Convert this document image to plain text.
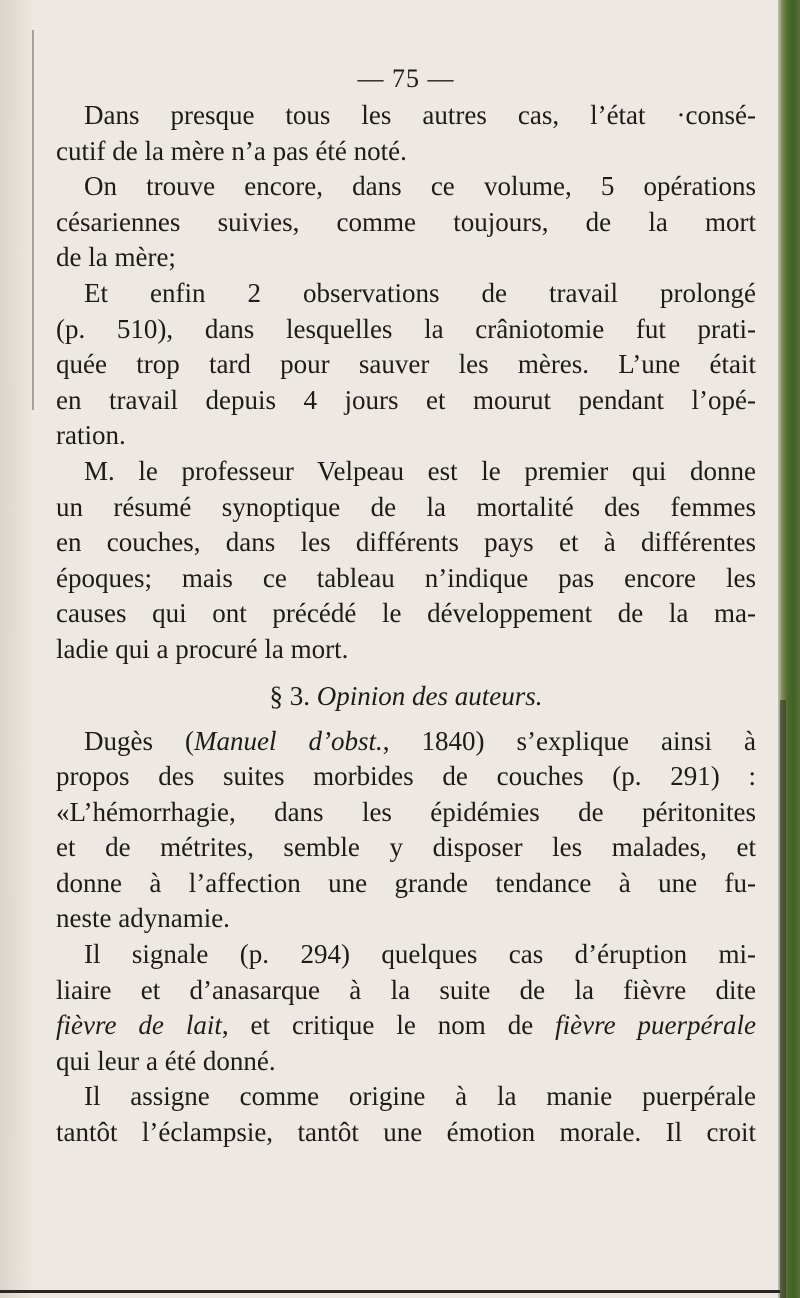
— 75 —

Dans presque tous les autres cas, l’état ·consé-

cutif de la mère n’a pas été noté.

On trouve encore, dans ce volume, 5 opérations

césariennes suivies, comme toujours, de la mort

de la mère;

Et enfin 2 observations de travail prolongé

(p. 510), dans lesquelles la crâniotomie fut prati-

quée trop tard pour sauver les mères. L’une était

en travail depuis 4 jours et mourut pendant l’opé-

ration.

M. le professeur Velpeau est le premier qui donne

un résumé synoptique de la mortalité des femmes

en couches, dans les différents pays et à différentes

époques; mais ce tableau n’indique pas encore les

causes qui ont précédé le développement de la ma-

ladie qui a procuré la mort.

§ 3. Opinion des auteurs.

Dugès (Manuel d’obst., 1840) s’explique ainsi à

propos des suites morbides de couches (p. 291) :

«L’hémorrhagie, dans les épidémies de péritonites

et de métrites, semble y disposer les malades, et

donne à l’affection une grande tendance à une fu-

neste adynamie.

Il signale (p. 294) quelques cas d’éruption mi-

liaire et d’anasarque à la suite de la fièvre dite

fièvre de lait, et critique le nom de fièvre puerpérale

qui leur a été donné.

Il assigne comme origine à la manie puerpérale

tantôt l’éclampsie, tantôt une émotion morale. Il croit
